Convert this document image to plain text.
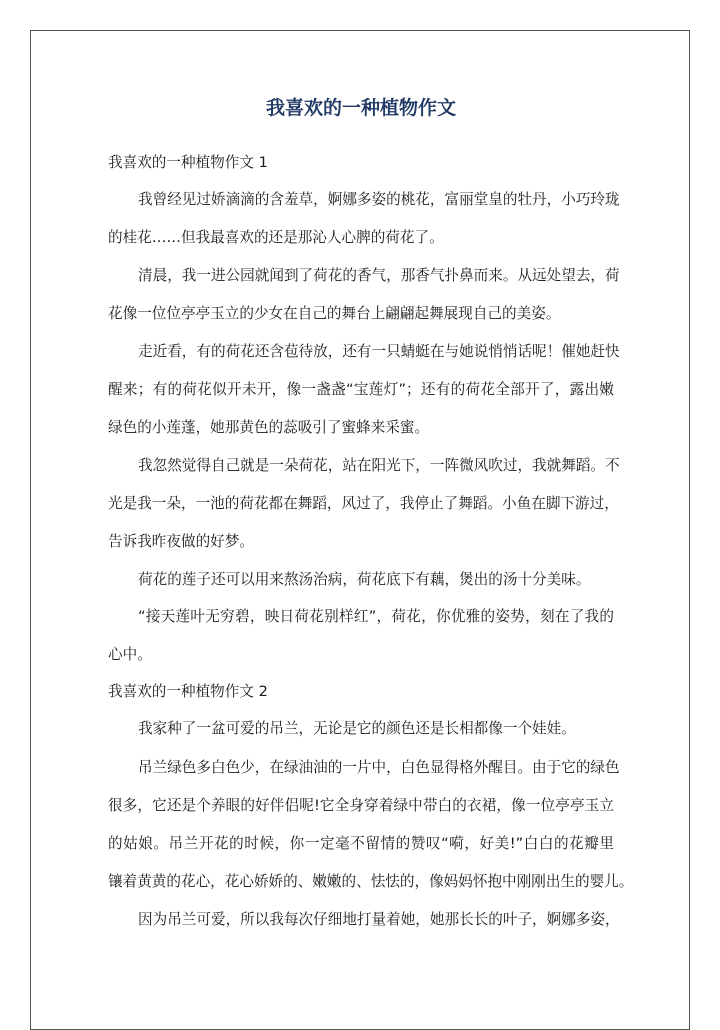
我喜欢的一种植物作文
我喜欢的一种植物作文 1
我曾经见过娇滴滴的含羞草，婀娜多姿的桃花，富丽堂皇的牡丹，小巧玲珑
的桂花……但我最喜欢的还是那沁人心脾的荷花了。
清晨，我一进公园就闻到了荷花的香气，那香气扑鼻而来。从远处望去，荷
花像一位位亭亭玉立的少女在自己的舞台上翩翩起舞展现自己的美姿。
走近看，有的荷花还含苞待放，还有一只蜻蜓在与她说悄悄话呢！催她赶快
醒来；有的荷花似开未开，像一盏盏“宝莲灯”；还有的荷花全部开了，露出嫩
绿色的小莲蓬，她那黄色的蕊吸引了蜜蜂来采蜜。
我忽然觉得自己就是一朵荷花，站在阳光下，一阵微风吹过，我就舞蹈。不
光是我一朵，一池的荷花都在舞蹈，风过了，我停止了舞蹈。小鱼在脚下游过，
告诉我昨夜做的好梦。
荷花的莲子还可以用来熬汤治病，荷花底下有藕，煲出的汤十分美味。
“接天莲叶无穷碧，映日荷花别样红”，荷花，你优雅的姿势，刻在了我的
心中。
我喜欢的一种植物作文 2
我家种了一盆可爱的吊兰，无论是它的颜色还是长相都像一个娃娃。
吊兰绿色多白色少，在绿油油的一片中，白色显得格外醒目。由于它的绿色
很多，它还是个养眼的好伴侣呢!它全身穿着绿中带白的衣裙，像一位亭亭玉立
的姑娘。吊兰开花的时候，你一定毫不留情的赞叹“嗬，好美!”白白的花瓣里
镶着黄黄的花心，花心娇娇的、嫩嫩的、怯怯的，像妈妈怀抱中刚刚出生的婴儿。
因为吊兰可爱，所以我每次仔细地打量着她，她那长长的叶子，婀娜多姿，
